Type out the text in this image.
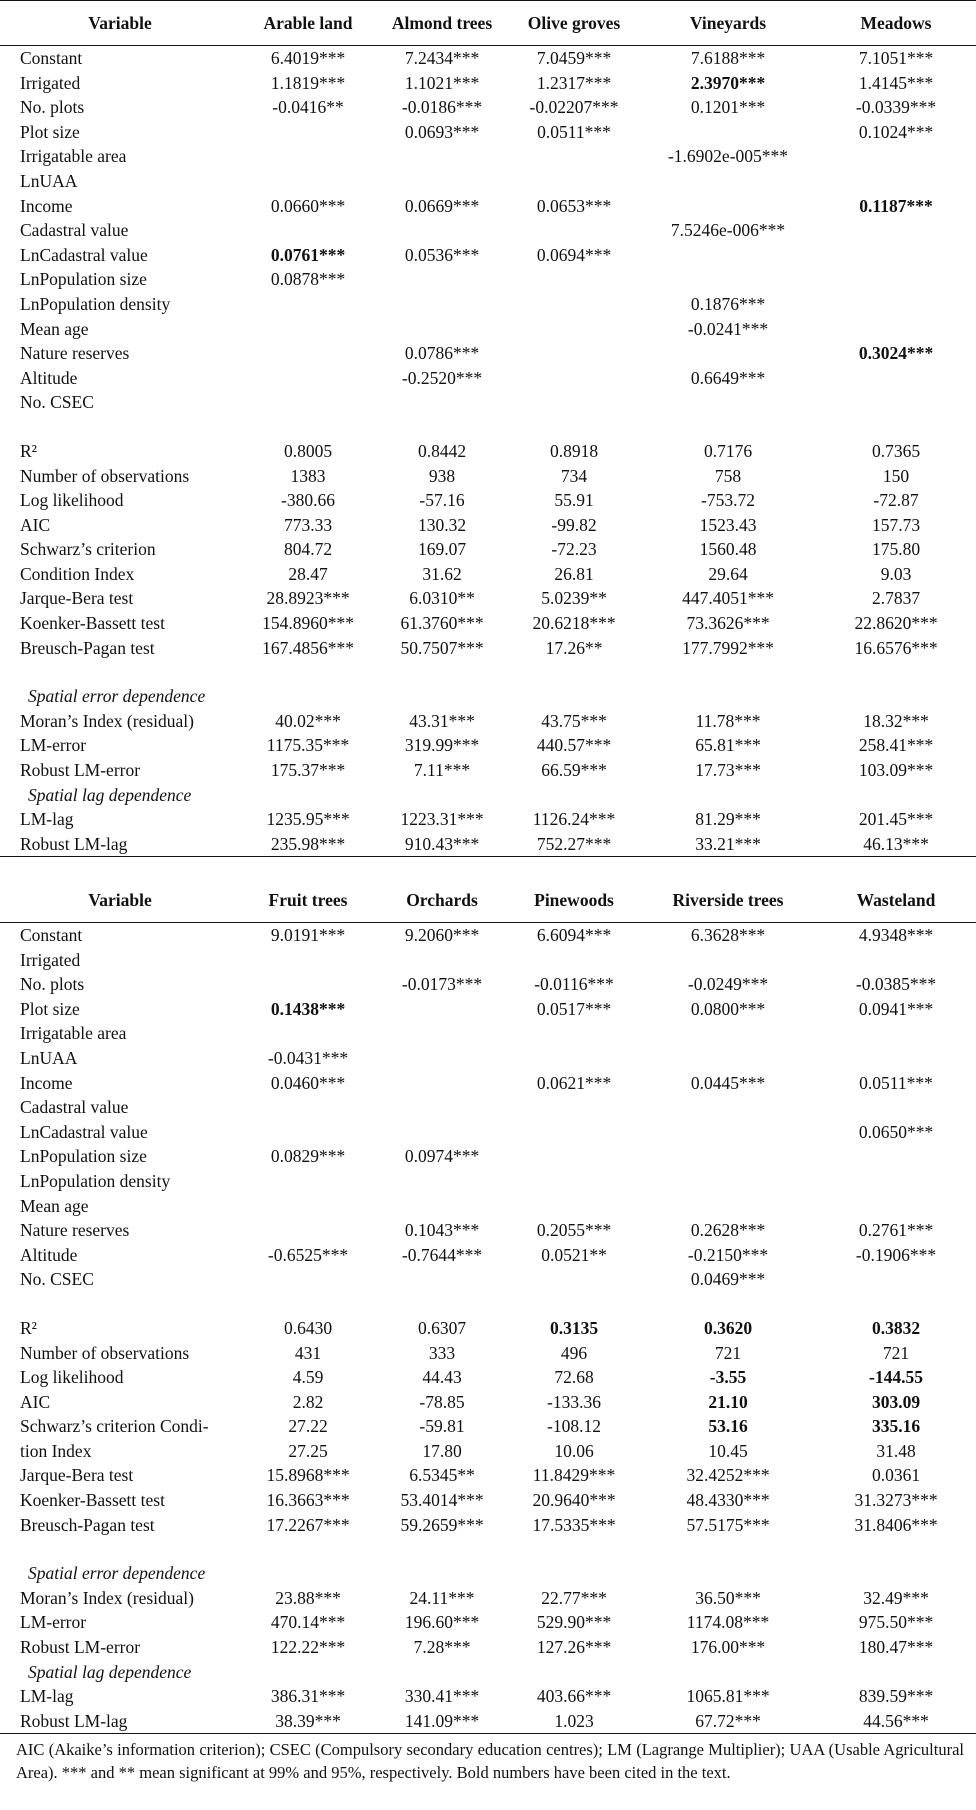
Variable	Arable land	Almond trees	Olive groves	Vineyards	Meadows
Constant	6.4019***	7.2434***	7.0459***	7.6188***	7.1051***
Irrigated	1.1819***	1.1021***	1.2317***	2.3970***	1.4145***
No. plots	-0.0416**	-0.0186***	-0.02207***	0.1201***	-0.0339***
Plot size		0.0693***	0.0511***		0.1024***
Irrigatable area				-1.6902e-005***	
LnUAA					
Income	0.0660***	0.0669***	0.0653***		0.1187***
Cadastral value				7.5246e-006***	
LnCadastral value	0.0761***	0.0536***	0.0694***		
LnPopulation size	0.0878***				
LnPopulation density				0.1876***	
Mean age				-0.0241***	
Nature reserves		0.0786***			0.3024***
Altitude		-0.2520***		0.6649***	
No. CSEC					

R²	0.8005	0.8442	0.8918	0.7176	0.7365
Number of observations	1383	938	734	758	150
Log likelihood	-380.66	-57.16	55.91	-753.72	-72.87
AIC	773.33	130.32	-99.82	1523.43	157.73
Schwarz’s criterion	804.72	169.07	-72.23	1560.48	175.80
Condition Index	28.47	31.62	26.81	29.64	9.03
Jarque-Bera test	28.8923***	6.0310**	5.0239**	447.4051***	2.7837
Koenker-Bassett test	154.8960***	61.3760***	20.6218***	73.3626***	22.8620***
Breusch-Pagan test	167.4856***	50.7507***	17.26**	177.7992***	16.6576***

Spatial error dependence					
Moran’s Index (residual)	40.02***	43.31***	43.75***	11.78***	18.32***
LM-error	1175.35***	319.99***	440.57***	65.81***	258.41***
Robust LM-error	175.37***	7.11***	66.59***	17.73***	103.09***
Spatial lag dependence					
LM-lag	1235.95***	1223.31***	1126.24***	81.29***	201.45***
Robust LM-lag	235.98***	910.43***	752.27***	33.21***	46.13***
Variable	Fruit trees	Orchards	Pinewoods	Riverside trees	Wasteland
Constant	9.0191***	9.2060***	6.6094***	6.3628***	4.9348***
Irrigated					
No. plots		-0.0173***	-0.0116***	-0.0249***	-0.0385***
Plot size	0.1438***		0.0517***	0.0800***	0.0941***
Irrigatable area					
LnUAA	-0.0431***				
Income	0.0460***		0.0621***	0.0445***	0.0511***
Cadastral value					
LnCadastral value					0.0650***
LnPopulation size	0.0829***	0.0974***			
LnPopulation density					
Mean age					
Nature reserves		0.1043***	0.2055***	0.2628***	0.2761***
Altitude	-0.6525***	-0.7644***	0.0521**	-0.2150***	-0.1906***
No. CSEC				0.0469***	

R²	0.6430	0.6307	0.3135	0.3620	0.3832
Number of observations	431	333	496	721	721
Log likelihood	4.59	44.43	72.68	-3.55	-144.55
AIC	2.82	-78.85	-133.36	21.10	303.09
Schwarz’s criterion Condi-	27.22	-59.81	-108.12	53.16	335.16
tion Index	27.25	17.80	10.06	10.45	31.48
Jarque-Bera test	15.8968***	6.5345**	11.8429***	32.4252***	0.0361
Koenker-Bassett test	16.3663***	53.4014***	20.9640***	48.4330***	31.3273***
Breusch-Pagan test	17.2267***	59.2659***	17.5335***	57.5175***	31.8406***

Spatial error dependence					
Moran’s Index (residual)	23.88***	24.11***	22.77***	36.50***	32.49***
LM-error	470.14***	196.60***	529.90***	1174.08***	975.50***
Robust LM-error	122.22***	7.28***	127.26***	176.00***	180.47***
Spatial lag dependence					
LM-lag	386.31***	330.41***	403.66***	1065.81***	839.59***
Robust LM-lag	38.39***	141.09***	1.023	67.72***	44.56***
AIC (Akaike’s information criterion); CSEC (Compulsory secondary education centres); LM (Lagrange Multiplier); UAA (Usable Agricultural Area). *** and ** mean significant at 99% and 95%, respectively. Bold numbers have been cited in the text.
